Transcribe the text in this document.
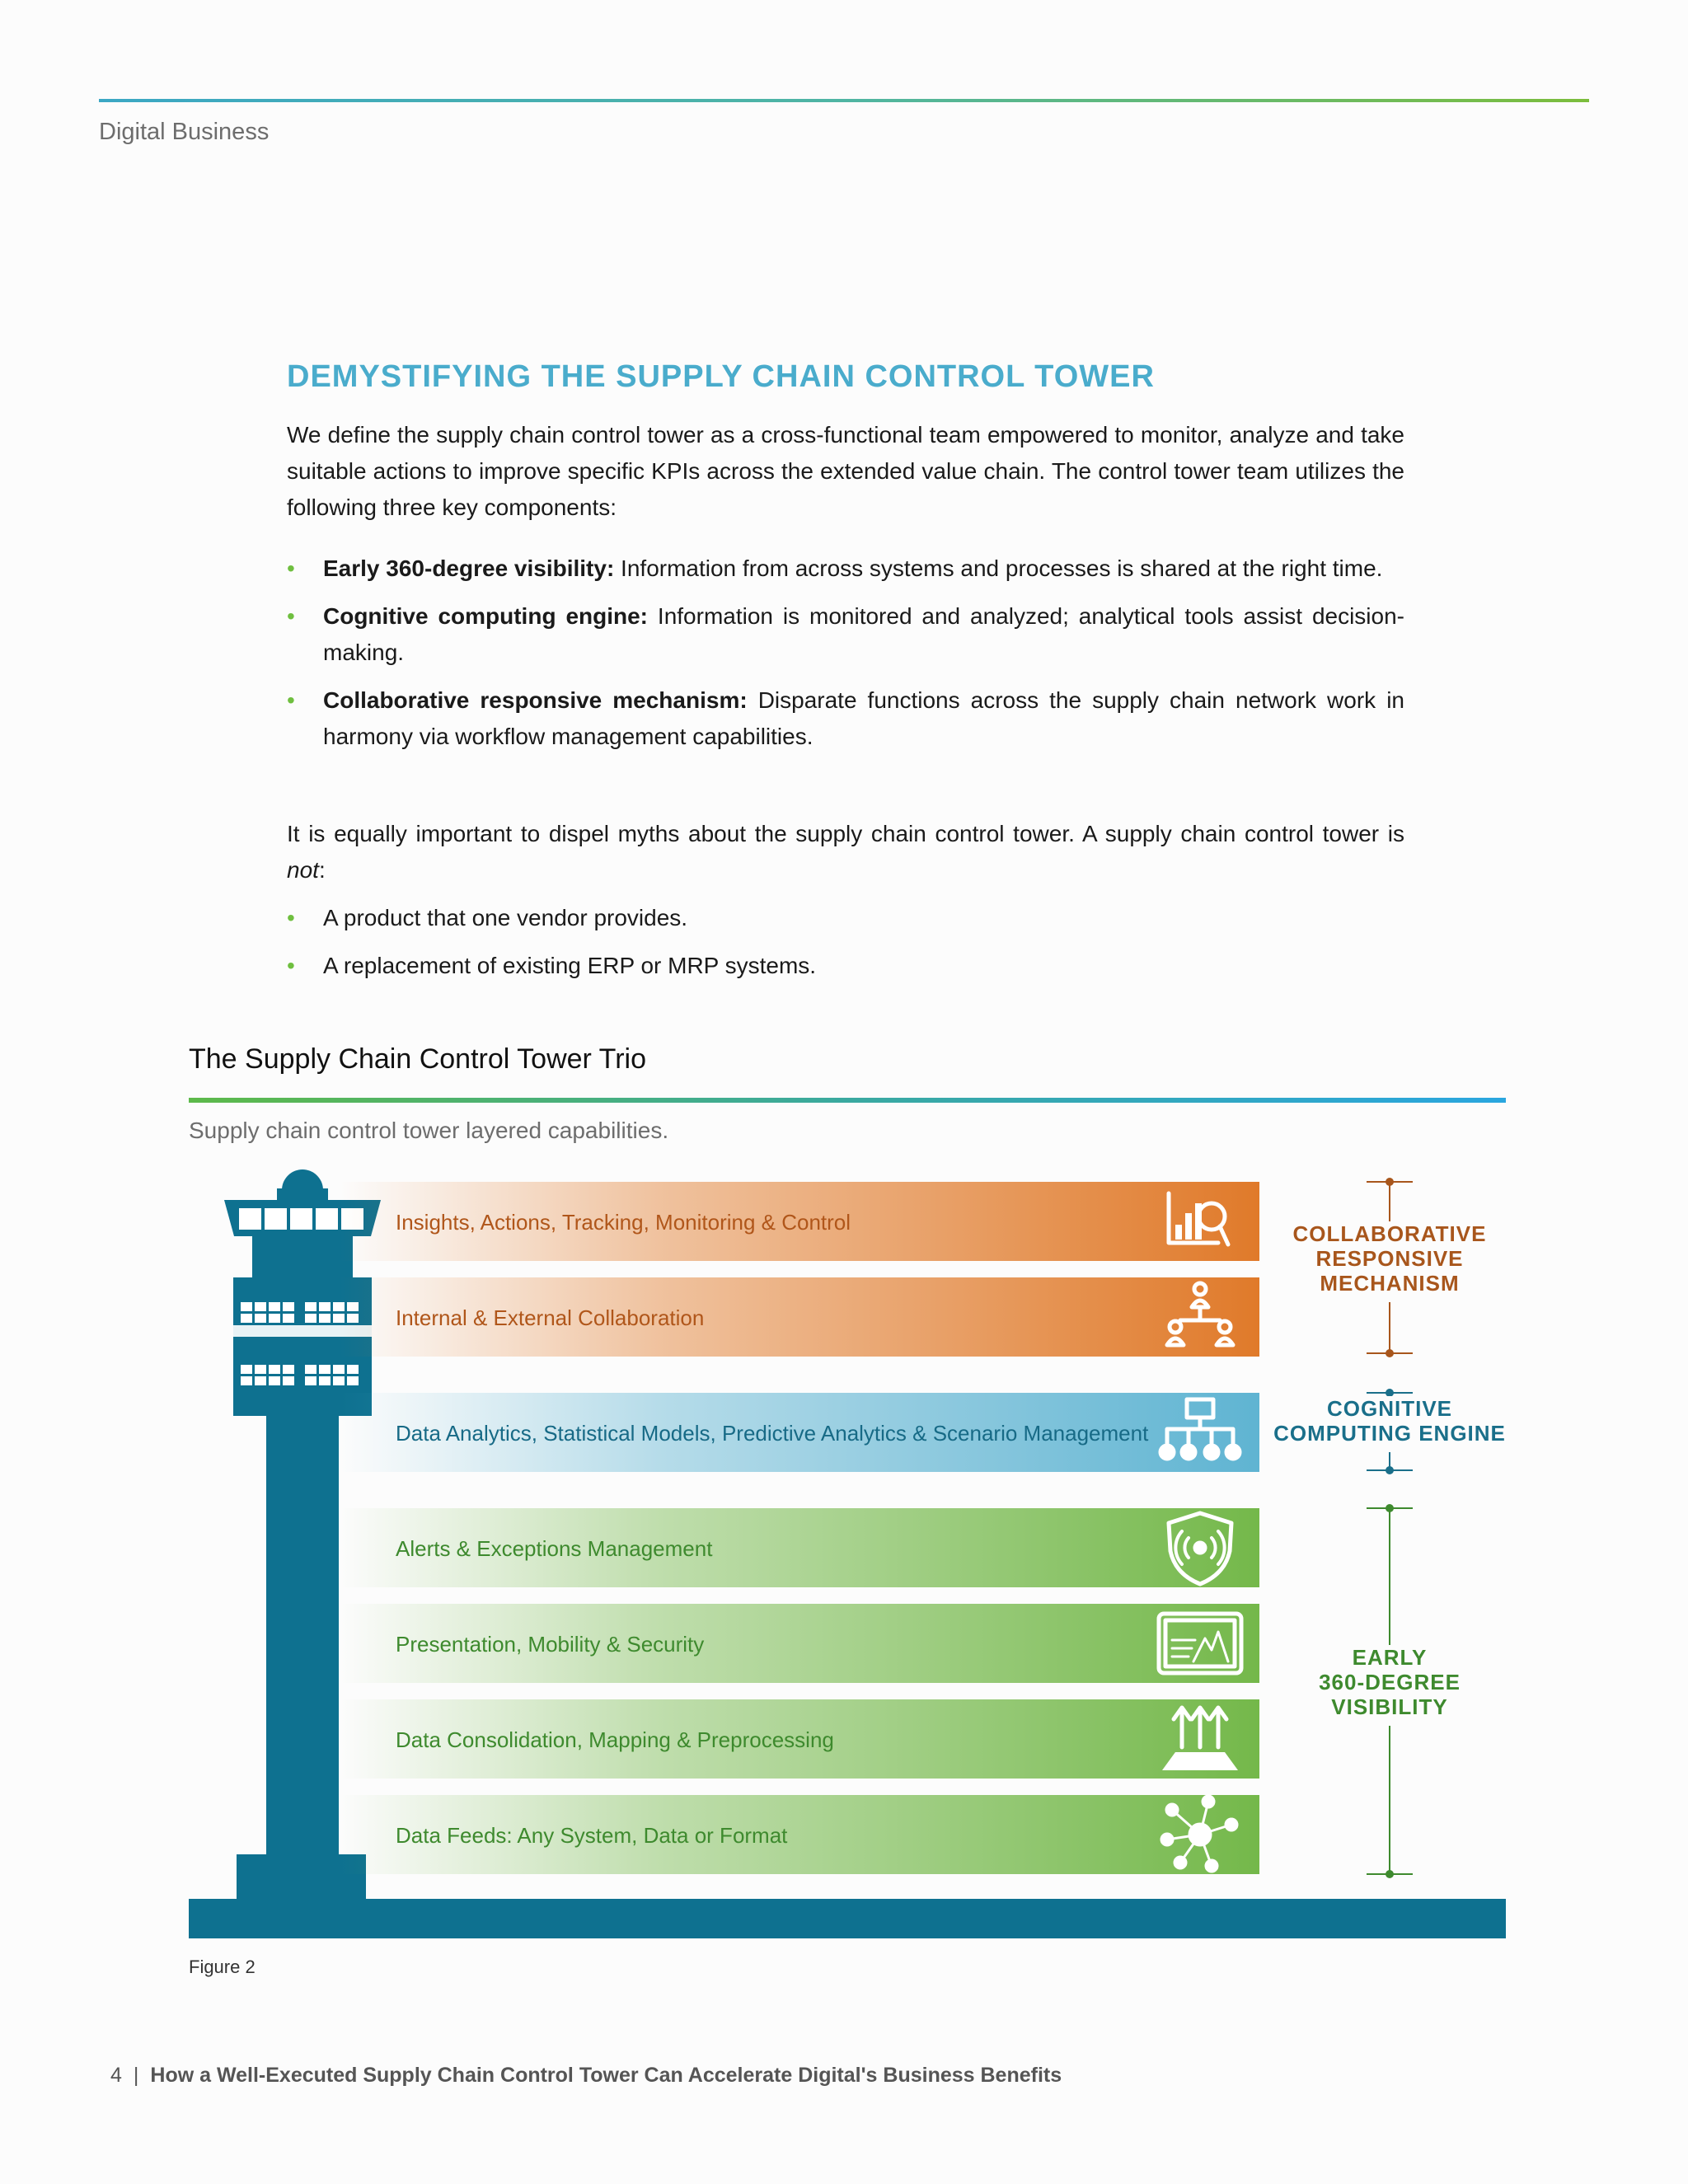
Digital Business
DEMYSTIFYING THE SUPPLY CHAIN CONTROL TOWER
We define the supply chain control tower as a cross-functional team empowered to monitor, analyze and take suitable actions to improve specific KPIs across the extended value chain. The control tower team utilizes the following three key components:
• Early 360-degree visibility: Information from across systems and processes is shared at the right time.
• Cognitive computing engine: Information is monitored and analyzed; analytical tools assist decision-making.
• Collaborative responsive mechanism: Disparate functions across the supply chain network work in harmony via workflow management capabilities.
It is equally important to dispel myths about the supply chain control tower. A supply chain control tower is not:
• A product that one vendor provides.
• A replacement of existing ERP or MRP systems.
The Supply Chain Control Tower Trio
Supply chain control tower layered capabilities.
Insights, Actions, Tracking, Monitoring & Control
Internal & External Collaboration
Data Analytics, Statistical Models, Predictive Analytics & Scenario Management
Alerts & Exceptions Management
Presentation, Mobility & Security
Data Consolidation, Mapping & Preprocessing
Data Feeds: Any System, Data or Format
COLLABORATIVE
RESPONSIVE
MECHANISM
COGNITIVE
COMPUTING ENGINE
EARLY
360-DEGREE
VISIBILITY
Figure 2
4 | How a Well-Executed Supply Chain Control Tower Can Accelerate Digital's Business Benefits
